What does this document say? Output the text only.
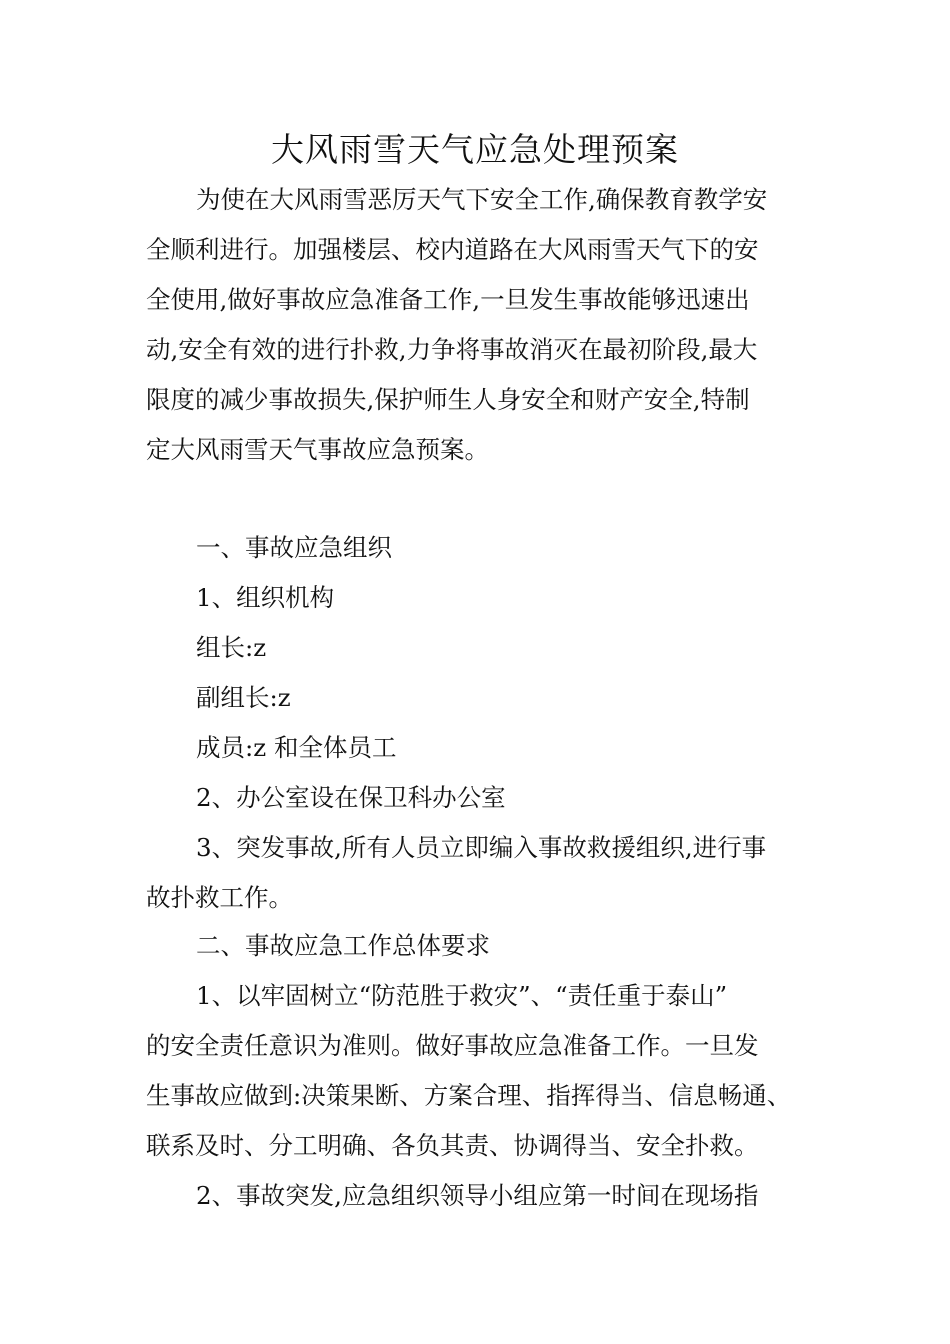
大风雨雪天气应急处理预案
为使在大风雨雪恶厉天气下安全工作,确保教育教学安
全顺利进行。加强楼层、校内道路在大风雨雪天气下的安
全使用,做好事故应急准备工作,一旦发生事故能够迅速出
动,安全有效的进行扑救,力争将事故消灭在最初阶段,最大
限度的减少事故损失,保护师生人身安全和财产安全,特制
定大风雨雪天气事故应急预案。
一、事故应急组织
1、组织机构
组长:z
副组长:z
成员:z 和全体员工
2、办公室设在保卫科办公室
3、突发事故,所有人员立即编入事故救援组织,进行事
故扑救工作。
二、事故应急工作总体要求
1、以牢固树立“防范胜于救灾”、“责任重于泰山”
的安全责任意识为准则。做好事故应急准备工作。一旦发
生事故应做到:决策果断、方案合理、指挥得当、信息畅通、
联系及时、分工明确、各负其责、协调得当、安全扑救。
2、事故突发,应急组织领导小组应第一时间在现场指
